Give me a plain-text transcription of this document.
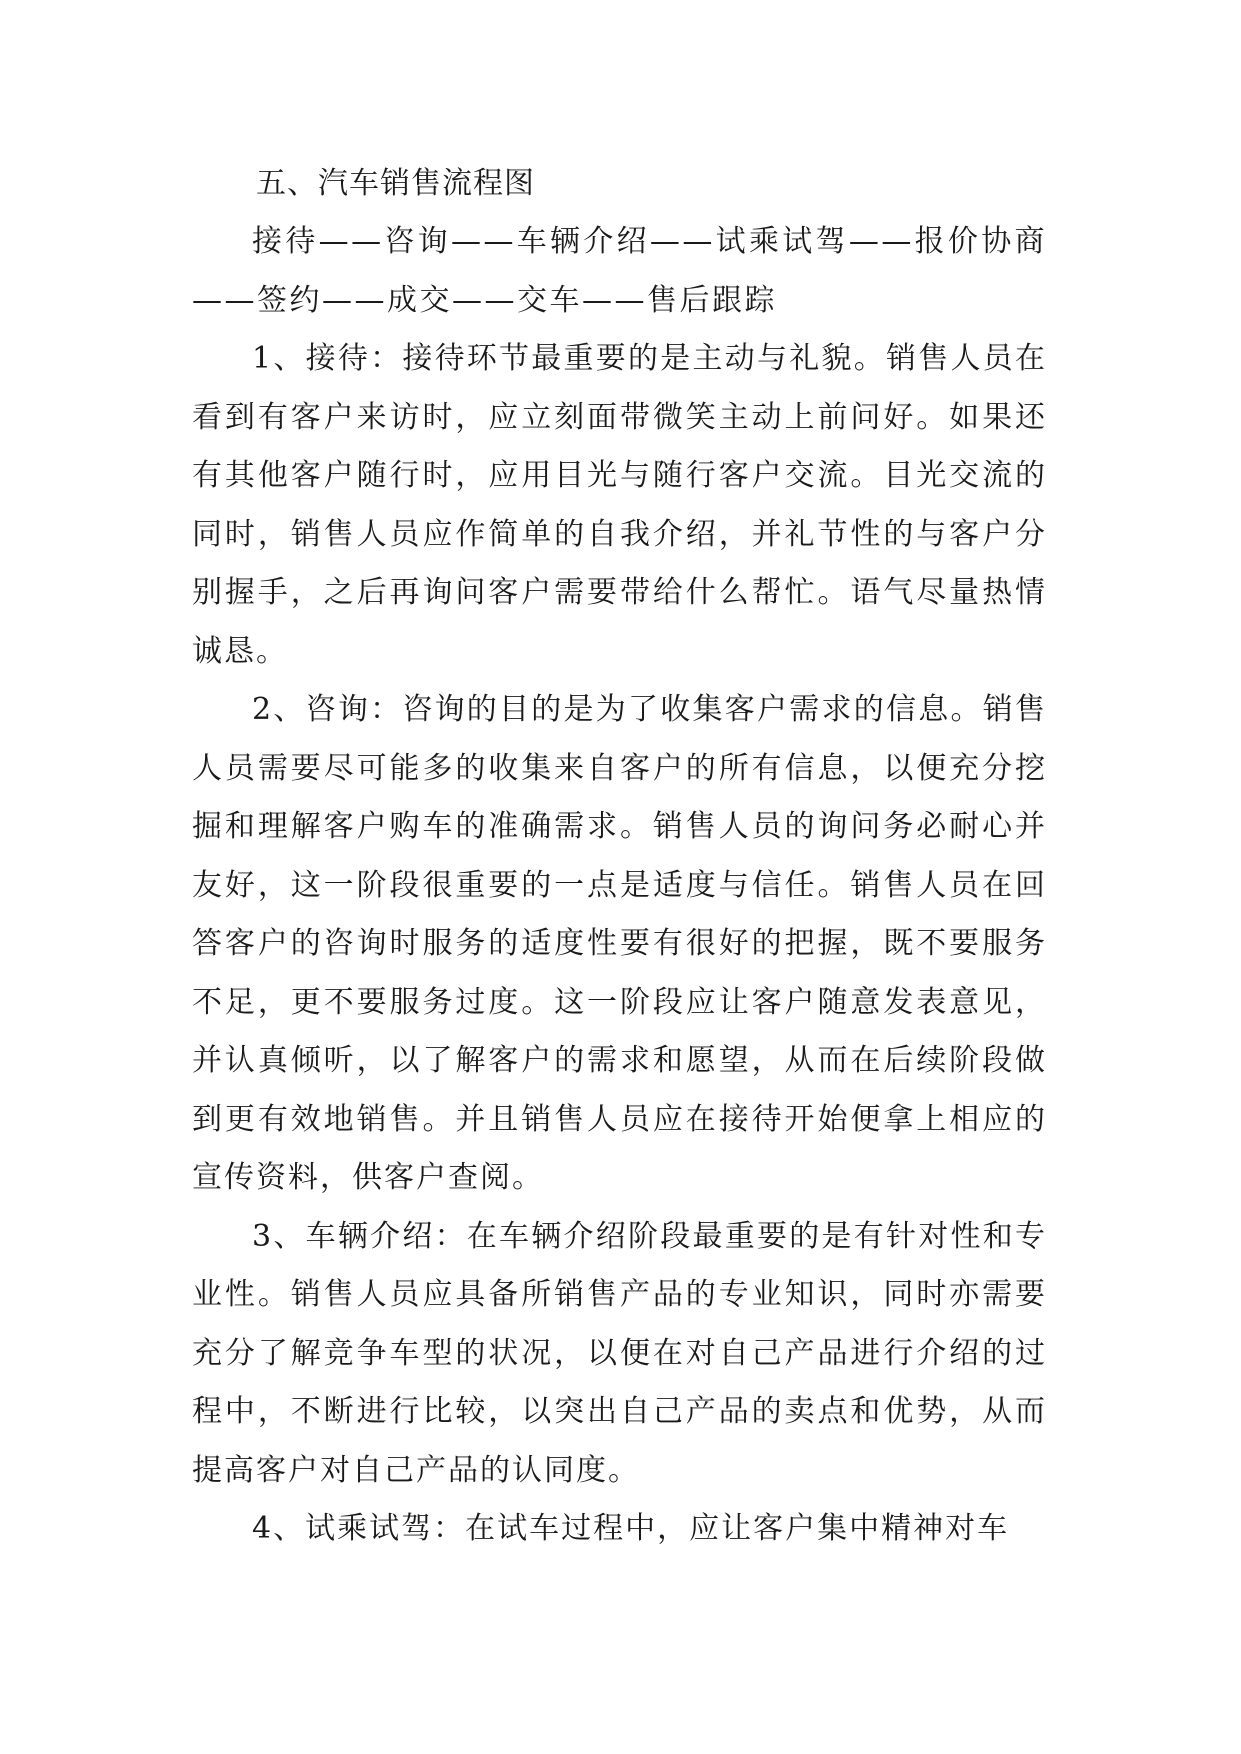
五、汽车销售流程图

接待——咨询——车辆介绍——试乘试驾——报价协商——签约——成交——交车——售后跟踪

1、接待：接待环节最重要的是主动与礼貌。销售人员在看到有客户来访时，应立刻面带微笑主动上前问好。如果还有其他客户随行时，应用目光与随行客户交流。目光交流的同时，销售人员应作简单的自我介绍，并礼节性的与客户分别握手，之后再询问客户需要带给什么帮忙。语气尽量热情诚恳。

2、咨询：咨询的目的是为了收集客户需求的信息。销售人员需要尽可能多的收集来自客户的所有信息，以便充分挖掘和理解客户购车的准确需求。销售人员的询问务必耐心并友好，这一阶段很重要的一点是适度与信任。销售人员在回答客户的咨询时服务的适度性要有很好的把握，既不要服务不足，更不要服务过度。这一阶段应让客户随意发表意见，并认真倾听，以了解客户的需求和愿望，从而在后续阶段做到更有效地销售。并且销售人员应在接待开始便拿上相应的宣传资料，供客户查阅。

3、车辆介绍：在车辆介绍阶段最重要的是有针对性和专业性。销售人员应具备所销售产品的专业知识，同时亦需要充分了解竞争车型的状况，以便在对自己产品进行介绍的过程中，不断进行比较，以突出自己产品的卖点和优势，从而提高客户对自己产品的认同度。

4、试乘试驾：在试车过程中，应让客户集中精神对车
